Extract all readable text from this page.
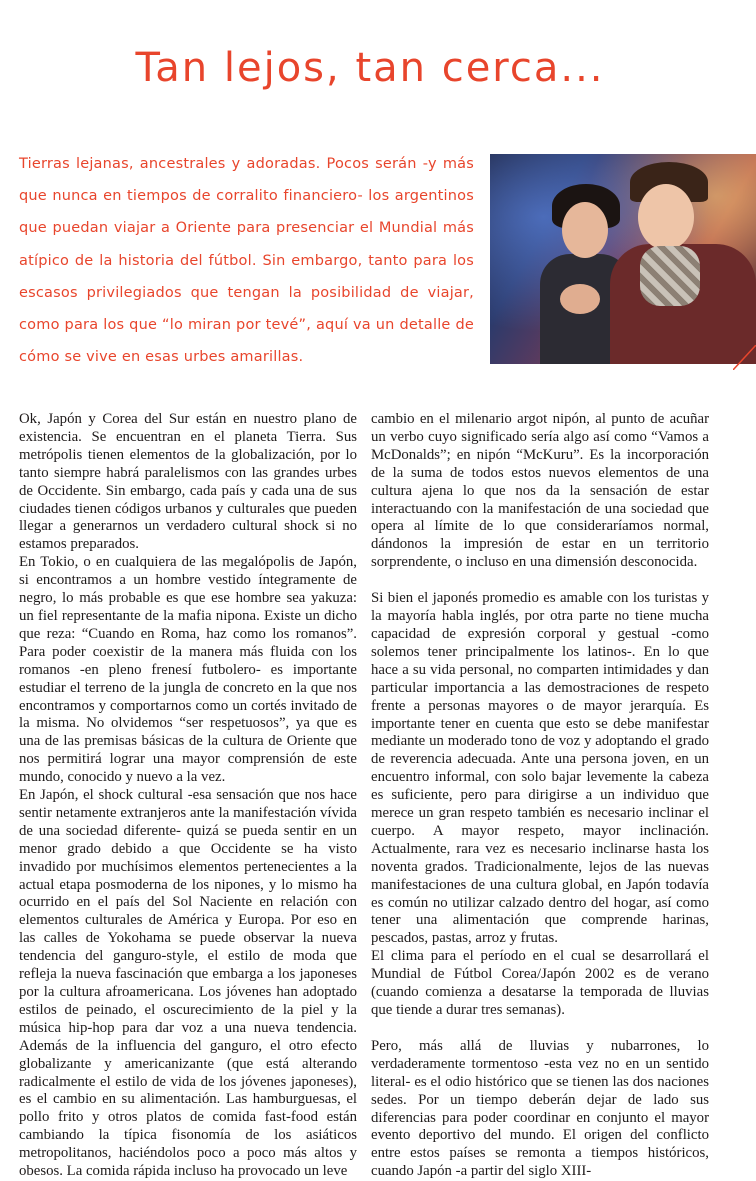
Tan lejos, tan cerca...

Tierras lejanas, ancestrales y adoradas. Pocos serán -y más que nunca en tiempos de corralito financiero- los argentinos que puedan viajar a Oriente para presenciar el Mundial más atípico de la historia del fútbol. Sin embargo, tanto para los escasos privilegiados que tengan la posibilidad de viajar, como para los que “lo miran por tevé”, aquí va un detalle de cómo se vive en esas urbes amarillas.

Ok, Japón y Corea del Sur están en nuestro plano de existencia. Se encuentran en el planeta Tierra. Sus metrópolis tienen elementos de la globalización, por lo tanto siempre habrá paralelismos con las grandes urbes de Occidente. Sin embargo, cada país y cada una de sus ciudades tienen códigos urbanos y culturales que pueden llegar a generarnos un verdadero cultural shock si no estamos preparados.

En Tokio, o en cualquiera de las megalópolis de Japón, si encontramos a un hombre vestido íntegramente de negro, lo más probable es que ese hombre sea yakuza: un fiel representante de la mafia nipona. Existe un dicho que reza: “Cuando en Roma, haz como los romanos”. Para poder coexistir de la manera más fluida con los romanos -en pleno frenesí futbolero- es importante estudiar el terreno de la jungla de concreto en la que nos encontramos y comportarnos como un cortés invitado de la misma. No olvidemos “ser respetuosos”, ya que es una de las premisas básicas de la cultura de Oriente que nos permitirá lograr una mayor comprensión de este mundo, conocido y nuevo a la vez.

En Japón, el shock cultural -esa sensación que nos hace sentir netamente extranjeros ante la manifestación vívida de una sociedad diferente- quizá se pueda sentir en un menor grado debido a que Occidente se ha visto invadido por muchísimos elementos pertenecientes a la actual etapa posmoderna de los nipones, y lo mismo ha ocurrido en el país del Sol Naciente en relación con elementos culturales de América y Europa. Por eso en las calles de Yokohama se puede observar la nueva tendencia del ganguro-style, el estilo de moda que refleja la nueva fascinación que embarga a los japoneses por la cultura afroamericana. Los jóvenes han adoptado estilos de peinado, el oscurecimiento de la piel y la música hip-hop para dar voz a una nueva tendencia. Además de la influencia del ganguro, el otro efecto globalizante y americanizante (que está alterando radicalmente el estilo de vida de los jóvenes japoneses), es el cambio en su alimentación. Las hamburguesas, el pollo frito y otros platos de comida fast-food están cambiando la típica fisonomía de los asiáticos metropolitanos, haciéndolos poco a poco más altos y obesos. La comida rápida incluso ha provocado un leve

cambio en el milenario argot nipón, al punto de acuñar un verbo cuyo significado sería algo así como “Vamos a McDonalds”; en nipón “McKuru”. Es la incorporación de la suma de todos estos nuevos elementos de una cultura ajena lo que nos da la sensación de estar interactuando con la manifestación de una sociedad que opera al límite de lo que consideraríamos normal, dándonos la impresión de estar en un territorio sorprendente, o incluso en una dimensión desconocida.

Si bien el japonés promedio es amable con los turistas y la mayoría habla inglés, por otra parte no tiene mucha capacidad de expresión corporal y gestual -como solemos tener principalmente los latinos-. En lo que hace a su vida personal, no comparten intimidades y dan particular importancia a las demostraciones de respeto frente a personas mayores o de mayor jerarquía. Es importante tener en cuenta que esto se debe manifestar mediante un moderado tono de voz y adoptando el grado de reverencia adecuada. Ante una persona joven, en un encuentro informal, con solo bajar levemente la cabeza es suficiente, pero para dirigirse a un individuo que merece un gran respeto también es necesario inclinar el cuerpo. A mayor respeto, mayor inclinación. Actualmente, rara vez es necesario inclinarse hasta los noventa grados. Tradicionalmente, lejos de las nuevas manifestaciones de una cultura global, en Japón todavía es común no utilizar calzado dentro del hogar, así como tener una alimentación que comprende harinas, pescados, pastas, arroz y frutas.

El clima para el período en el cual se desarrollará el Mundial de Fútbol Corea/Japón 2002 es de verano (cuando comienza a desatarse la temporada de lluvias que tiende a durar tres semanas).

Pero, más allá de lluvias y nubarrones, lo verdaderamente tormentoso -esta vez no en un sentido literal- es el odio histórico que se tienen las dos naciones sedes. Por un tiempo deberán dejar de lado sus diferencias para poder coordinar en conjunto el mayor evento deportivo del mundo. El origen del conflicto entre estos países se remonta a tiempos históricos, cuando Japón -a partir del siglo XIII-
